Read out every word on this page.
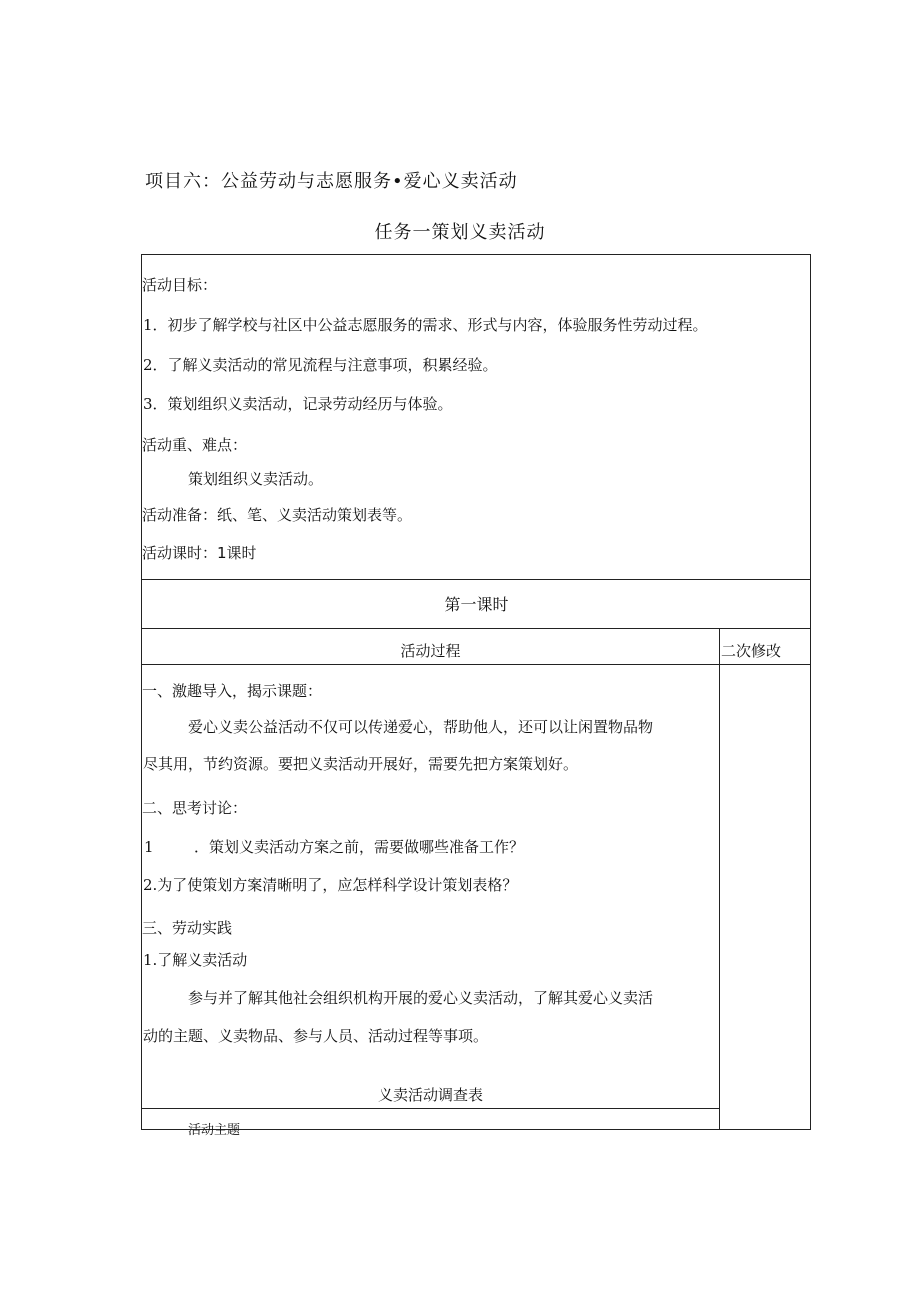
项目六：公益劳动与志愿服务•爱心义卖活动
任务一策划义卖活动
活动目标：
1．初步了解学校与社区中公益志愿服务的需求、形式与内容，体验服务性劳动过程。
2．了解义卖活动的常见流程与注意事项，积累经验。
3．策划组织义卖活动，记录劳动经历与体验。
活动重、难点：
策划组织义卖活动。
活动准备：纸、笔、义卖活动策划表等。
活动课时：1课时
第一课时
活动过程	二次修改
一、激趣导入，揭示课题：
爱心义卖公益活动不仅可以传递爱心，帮助他人，还可以让闲置物品物
尽其用，节约资源。要把义卖活动开展好，需要先把方案策划好。
二、思考讨论：
1	．策划义卖活动方案之前，需要做哪些准备工作？
2.为了使策划方案清晰明了，应怎样科学设计策划表格？
三、劳动实践
1.了解义卖活动
参与并了解其他社会组织机构开展的爱心义卖活动，了解其爱心义卖活
动的主题、义卖物品、参与人员、活动过程等事项。
义卖活动调查表
活动主题
